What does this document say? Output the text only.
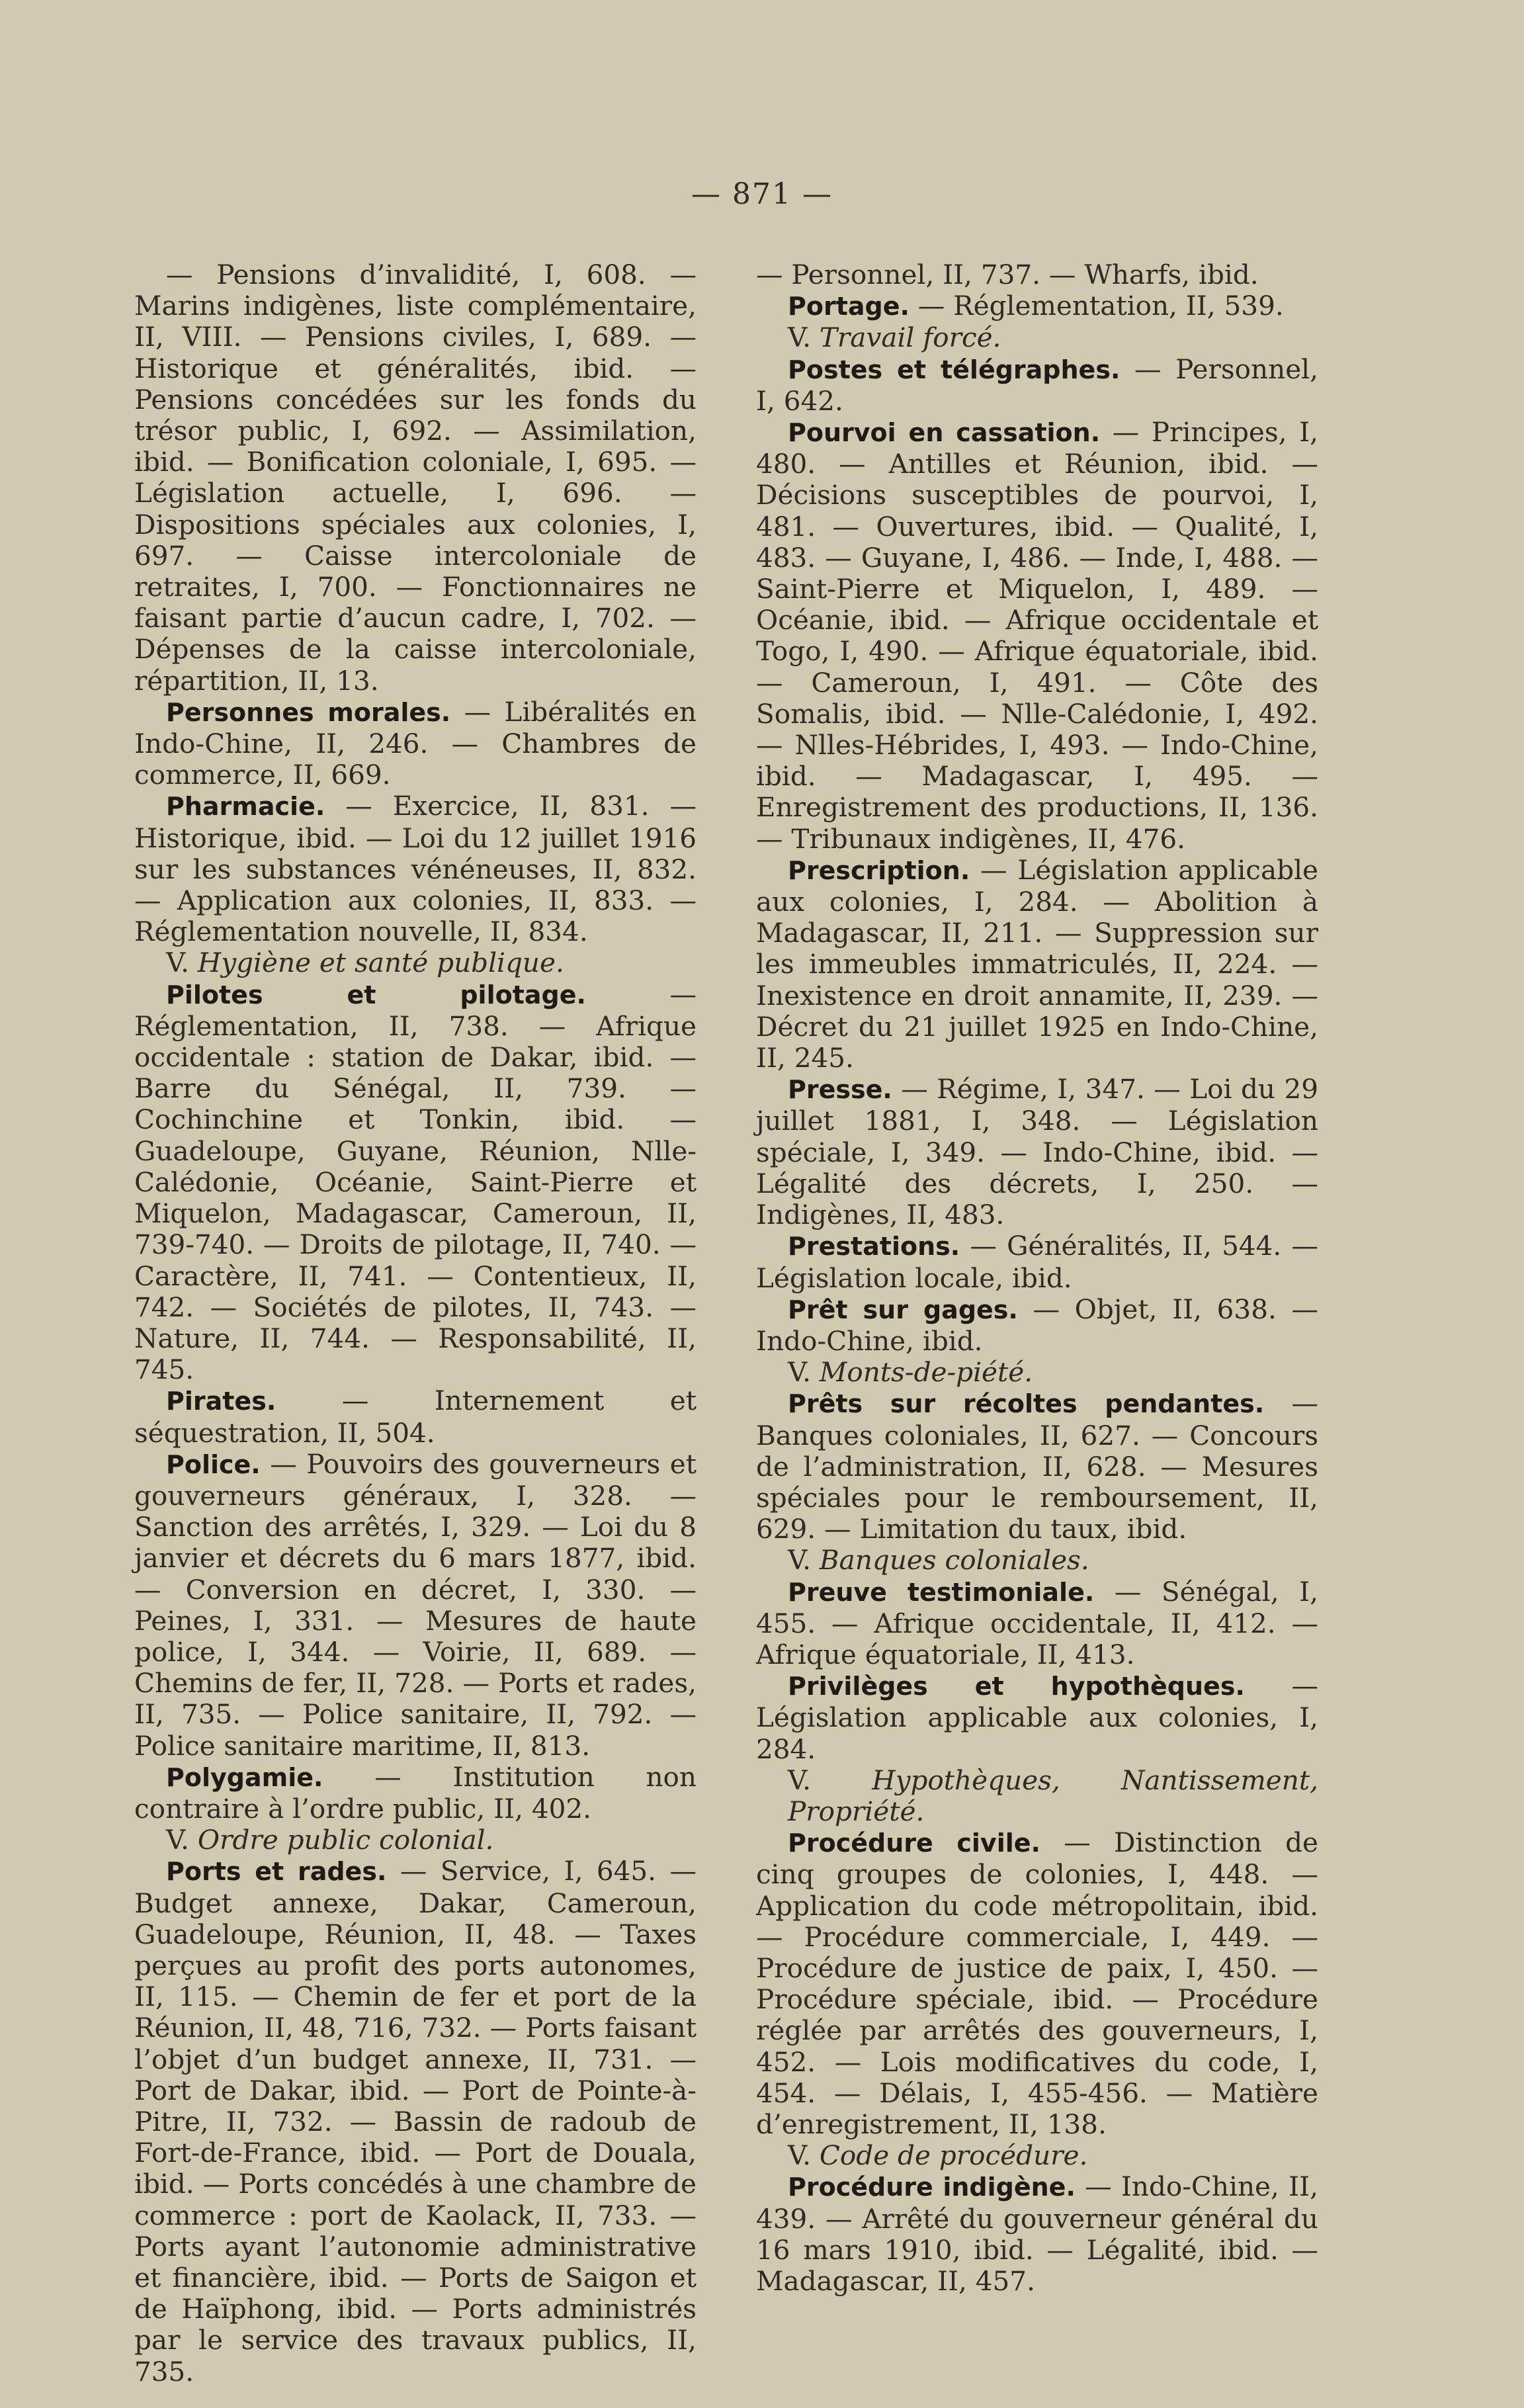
— 871 —

— Pensions d’invalidité, I, 608. — Marins indigènes, liste complémentaire, II, VIII. — Pensions civiles, I, 689. — Historique et généralités, ibid. — Pensions concédées sur les fonds du trésor public, I, 692. — Assimilation, ibid. — Bonification coloniale, I, 695. — Législation actuelle, I, 696. — Dispositions spéciales aux colonies, I, 697. — Caisse intercoloniale de retraites, I, 700. — Fonctionnaires ne faisant partie d’aucun cadre, I, 702. — Dépenses de la caisse intercoloniale, répartition, II, 13.

Personnes morales. — Libéralités en Indo-Chine, II, 246. — Chambres de commerce, II, 669.

Pharmacie. — Exercice, II, 831. — Historique, ibid. — Loi du 12 juillet 1916 sur les substances vénéneuses, II, 832. — Application aux colonies, II, 833. — Réglementation nouvelle, II, 834.

V. Hygiène et santé publique.

Pilotes et pilotage. — Réglementation, II, 738. — Afrique occidentale : station de Dakar, ibid. — Barre du Sénégal, II, 739. — Cochinchine et Tonkin, ibid. — Guadeloupe, Guyane, Réunion, Nlle-Calédonie, Océanie, Saint-Pierre et Miquelon, Madagascar, Cameroun, II, 739-740. — Droits de pilotage, II, 740. — Caractère, II, 741. — Contentieux, II, 742. — Sociétés de pilotes, II, 743. — Nature, II, 744. — Responsabilité, II, 745.

Pirates. — Internement et séquestration, II, 504.

Police. — Pouvoirs des gouverneurs et gouverneurs généraux, I, 328. — Sanction des arrêtés, I, 329. — Loi du 8 janvier et décrets du 6 mars 1877, ibid. — Conversion en décret, I, 330. — Peines, I, 331. — Mesures de haute police, I, 344. — Voirie, II, 689. — Chemins de fer, II, 728. — Ports et rades, II, 735. — Police sanitaire, II, 792. — Police sanitaire maritime, II, 813.

Polygamie. — Institution non contraire à l’ordre public, II, 402.

V. Ordre public colonial.

Ports et rades. — Service, I, 645. — Budget annexe, Dakar, Cameroun, Guadeloupe, Réunion, II, 48. — Taxes perçues au profit des ports autonomes, II, 115. — Chemin de fer et port de la Réunion, II, 48, 716, 732. — Ports faisant l’objet d’un budget annexe, II, 731. — Port de Dakar, ibid. — Port de Pointe-à-Pitre, II, 732. — Bassin de radoub de Fort-de-France, ibid. — Port de Douala, ibid. — Ports concédés à une chambre de commerce : port de Kaolack, II, 733. — Ports ayant l’autonomie administrative et financière, ibid. — Ports de Saigon et de Haïphong, ibid. — Ports administrés par le service des travaux publics, II, 735.

— Personnel, II, 737. — Wharfs, ibid.

Portage. — Réglementation, II, 539.

V. Travail forcé.

Postes et télégraphes. — Personnel, I, 642.

Pourvoi en cassation. — Principes, I, 480. — Antilles et Réunion, ibid. — Décisions susceptibles de pourvoi, I, 481. — Ouvertures, ibid. — Qualité, I, 483. — Guyane, I, 486. — Inde, I, 488. — Saint-Pierre et Miquelon, I, 489. — Océanie, ibid. — Afrique occidentale et Togo, I, 490. — Afrique équatoriale, ibid. — Cameroun, I, 491. — Côte des Somalis, ibid. — Nlle-Calédonie, I, 492. — Nlles-Hébrides, I, 493. — Indo-Chine, ibid. — Madagascar, I, 495. — Enregistrement des productions, II, 136. — Tribunaux indigènes, II, 476.

Prescription. — Législation applicable aux colonies, I, 284. — Abolition à Madagascar, II, 211. — Suppression sur les immeubles immatriculés, II, 224. — Inexistence en droit annamite, II, 239. — Décret du 21 juillet 1925 en Indo-Chine, II, 245.

Presse. — Régime, I, 347. — Loi du 29 juillet 1881, I, 348. — Législation spéciale, I, 349. — Indo-Chine, ibid. — Légalité des décrets, I, 250. — Indigènes, II, 483.

Prestations. — Généralités, II, 544. — Législation locale, ibid.

Prêt sur gages. — Objet, II, 638. — Indo-Chine, ibid.

V. Monts-de-piété.

Prêts sur récoltes pendantes. — Banques coloniales, II, 627. — Concours de l’administration, II, 628. — Mesures spéciales pour le remboursement, II, 629. — Limitation du taux, ibid.

V. Banques coloniales.

Preuve testimoniale. — Sénégal, I, 455. — Afrique occidentale, II, 412. — Afrique équatoriale, II, 413.

Privilèges et hypothèques. — Législation applicable aux colonies, I, 284.

V. Hypothèques, Nantissement, Propriété.

Procédure civile. — Distinction de cinq groupes de colonies, I, 448. — Application du code métropolitain, ibid. — Procédure commerciale, I, 449. — Procédure de justice de paix, I, 450. — Procédure spéciale, ibid. — Procédure réglée par arrêtés des gouverneurs, I, 452. — Lois modificatives du code, I, 454. — Délais, I, 455-456. — Matière d’enregistrement, II, 138.

V. Code de procédure.

Procédure indigène. — Indo-Chine, II, 439. — Arrêté du gouverneur général du 16 mars 1910, ibid. — Légalité, ibid. — Madagascar, II, 457.
